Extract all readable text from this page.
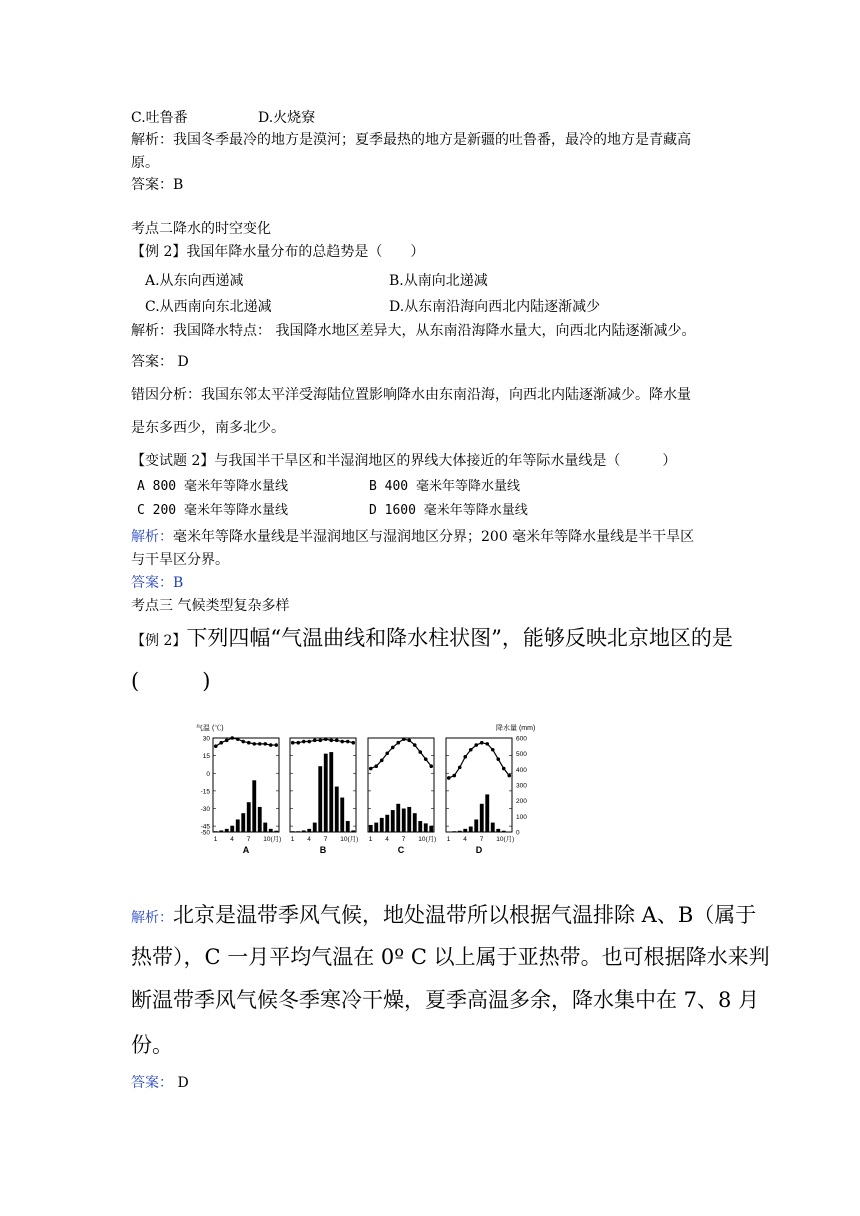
C.吐鲁番	D.火烧寮
解析：我国冬季最冷的地方是漠河；夏季最热的地方是新疆的吐鲁番，最冷的地方是青藏高
原。
答案：B
考点二降水的时空变化
【例 2】我国年降水量分布的总趋势是（　　）
A.从东向西递减	B.从南向北递减
C.从西南向东北递减	D.从东南沿海向西北内陆逐渐减少
解析：我国降水特点： 我国降水地区差异大，从东南沿海降水量大，向西北内陆逐渐减少。
答案： D
错因分析：我国东邻太平洋受海陆位置影响降水由东南沿海，向西北内陆逐渐减少。降水量
是东多西少，南多北少。
【变试题 2】与我国半干旱区和半湿润地区的界线大体接近的年等际水量线是（　　　）
A 800 毫米年等降水量线	B 400 毫米年等降水量线
C 200 毫米年等降水量线	D 1600 毫米年等降水量线
解析：毫米年等降水量线是半湿润地区与湿润地区分界；200 毫米年等降水量线是半干旱区
与干旱区分界。
答案：B
考点三 气候类型复杂多样
【例 2】下列四幅“气温曲线和降水柱状图”，能够反映北京地区的是
(　　　)
气温 (℃)	降水量 (mm)
30
15
0
-15
-30
-45
-50
600
500
400
300
200
100
0
1 4 7 10(月)
A
1 4 7 10(月)
B
1 4 7 10(月)
C
1 4 7 10(月)
D
解析：北京是温带季风气候，地处温带所以根据气温排除 A、B（属于
热带），C 一月平均气温在 0º C 以上属于亚热带。也可根据降水来判
断温带季风气候冬季寒冷干燥，夏季高温多余，降水集中在 7、8 月
份。
答案： D
